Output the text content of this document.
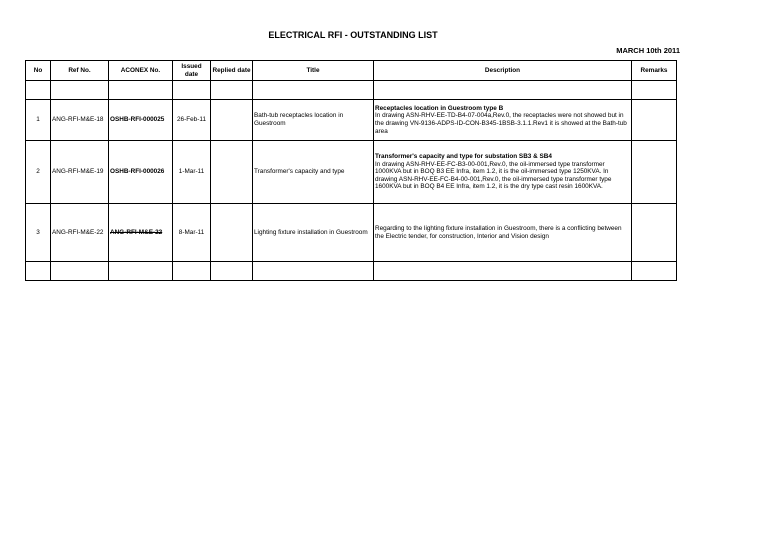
ELECTRICAL RFI - OUTSTANDING LIST
MARCH 10th 2011
No	Ref No.	ACONEX No.	Issued date	Replied date	Title	Description	Remarks

1	ANG-RFI-M&E-18	OSHB-RFI-000025	26-Feb-11		Bath-tub receptacles location in Guestroom	Receptacles location in Guestroom type B
In drawing ASN-RHV-EE-TD-B4-07-004a,Rev.0, the receptacles were not showed but in the drawing VN-9136-ADPS-ID-CON-B345-1BSB-3.1.1.Rev1 it is showed at the Bath-tub area	

2	ANG-RFI-M&E-19	OSHB-RFI-000026	1-Mar-11		Transformer's capacity and type	Transformer's capacity and type for substation SB3 & SB4
In drawing ASN-RHV-EE-FC-B3-00-001,Rev.0, the oil-immersed type transformer 1000KVA but in BOQ B3 EE Infra, item 1.2, it is the oil-immersed type 1250KVA. In drawing ASN-RHV-EE-FC-B4-00-001,Rev.0, the oil-immersed type transformer type 1600KVA but in BOQ B4 EE Infra, item 1.2, it is the dry type cast resin 1600KVA.	

3	ANG-RFI-M&E-22	ANG-RFI-M&E-22	8-Mar-11		Lighting fixture installation in Guestroom	Regarding to the lighting fixture installation in Guestroom, there is a conflicting between the Electric tender, for construction, Interior and Vision design	
